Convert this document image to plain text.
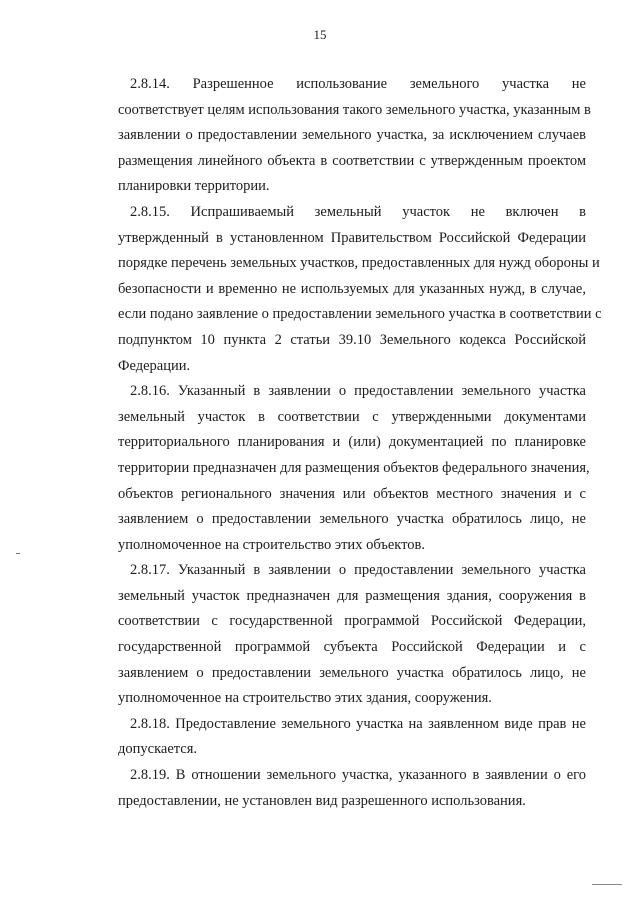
15
2.8.14. Разрешенное использование земельного участка не
соответствует целям использования такого земельного участка, указанным в
заявлении о предоставлении земельного участка, за исключением случаев
размещения линейного объекта в соответствии с утвержденным проектом
планировки территории.
2.8.15. Испрашиваемый земельный участок не включен в
утвержденный в установленном Правительством Российской Федерации
порядке перечень земельных участков, предоставленных для нужд обороны и
безопасности и временно не используемых для указанных нужд, в случае,
если подано заявление о предоставлении земельного участка в соответствии с
подпунктом 10 пункта 2 статьи 39.10 Земельного кодекса Российской
Федерации.
2.8.16. Указанный в заявлении о предоставлении земельного участка
земельный участок в соответствии с утвержденными документами
территориального планирования и (или) документацией по планировке
территории предназначен для размещения объектов федерального значения,
объектов регионального значения или объектов местного значения и с
заявлением о предоставлении земельного участка обратилось лицо, не
уполномоченное на строительство этих объектов.
2.8.17. Указанный в заявлении о предоставлении земельного участка
земельный участок предназначен для размещения здания, сооружения в
соответствии с государственной программой Российской Федерации,
государственной программой субъекта Российской Федерации и с
заявлением о предоставлении земельного участка обратилось лицо, не
уполномоченное на строительство этих здания, сооружения.
2.8.18. Предоставление земельного участка на заявленном виде прав не
допускается.
2.8.19. В отношении земельного участка, указанного в заявлении о его
предоставлении, не установлен вид разрешенного использования.
